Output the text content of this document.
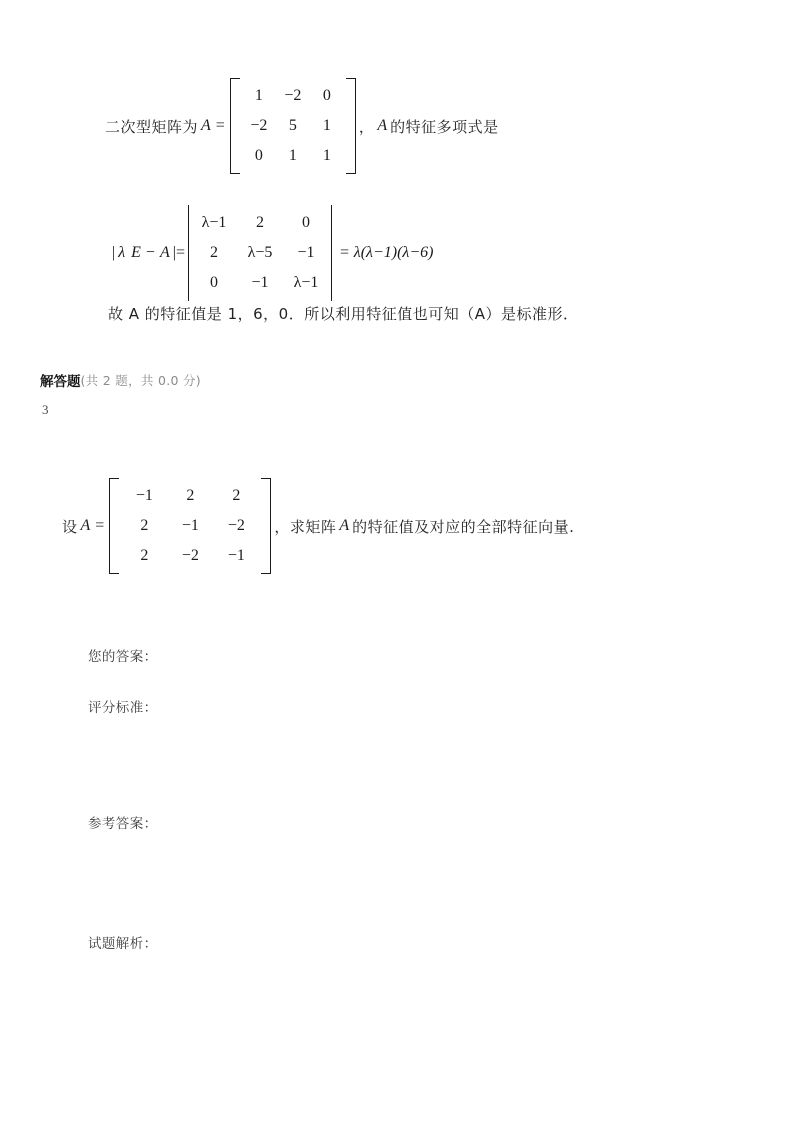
二次型矩阵为 A =
1	−2	0
−2	5	1
0	1	1
， A 的特征多项式是
| λ E − A |=
λ−1	2	0
2	λ−5	−1
0	−1	λ−1
= λ(λ−1)(λ−6)
故 A 的特征值是 1，6，0．所以利用特征值也可知（A）是标准形．
解答题 (共 2 题，共 0.0 分)
3
设 A =
−1	2	2
2	−1	−2
2	−2	−1
， 求矩阵 A 的特征值及对应的全部特征向量.
您的答案：
评分标准：
参考答案：
试题解析：
